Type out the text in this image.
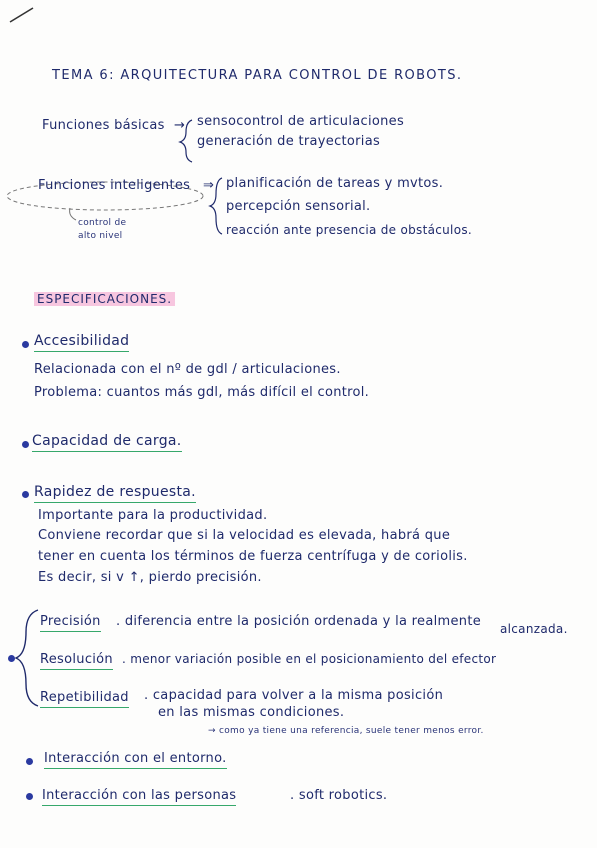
TEMA 6: ARQUITECTURA PARA CONTROL DE ROBOTS.
Funciones básicas → sensocontrol de articulaciones
generación de trayectorias
Funciones inteligentes ⇒ planificación de tareas y mvtos.
percepción sensorial.
reacción ante presencia de obstáculos.
control de
alto nivel
ESPECIFICACIONES.
Accesibilidad
Relacionada con el nº de gdl / articulaciones.
Problema: cuantos más gdl, más difícil el control.
Capacidad de carga.
Rapidez de respuesta.
Importante para la productividad.
Conviene recordar que si la velocidad es elevada, habrá que
tener en cuenta los términos de fuerza centrífuga y de coriolis.
Es decir, si v ↑, pierdo precisión.
Precisión . diferencia entre la posición ordenada y la realmente alcanzada.
Resolución . menor variación posible en el posicionamiento del efector
Repetibilidad . capacidad para volver a la misma posición
en las mismas condiciones.
→ como ya tiene una referencia, suele tener menos error.
Interacción con el entorno.
Interacción con las personas	. soft robotics.
